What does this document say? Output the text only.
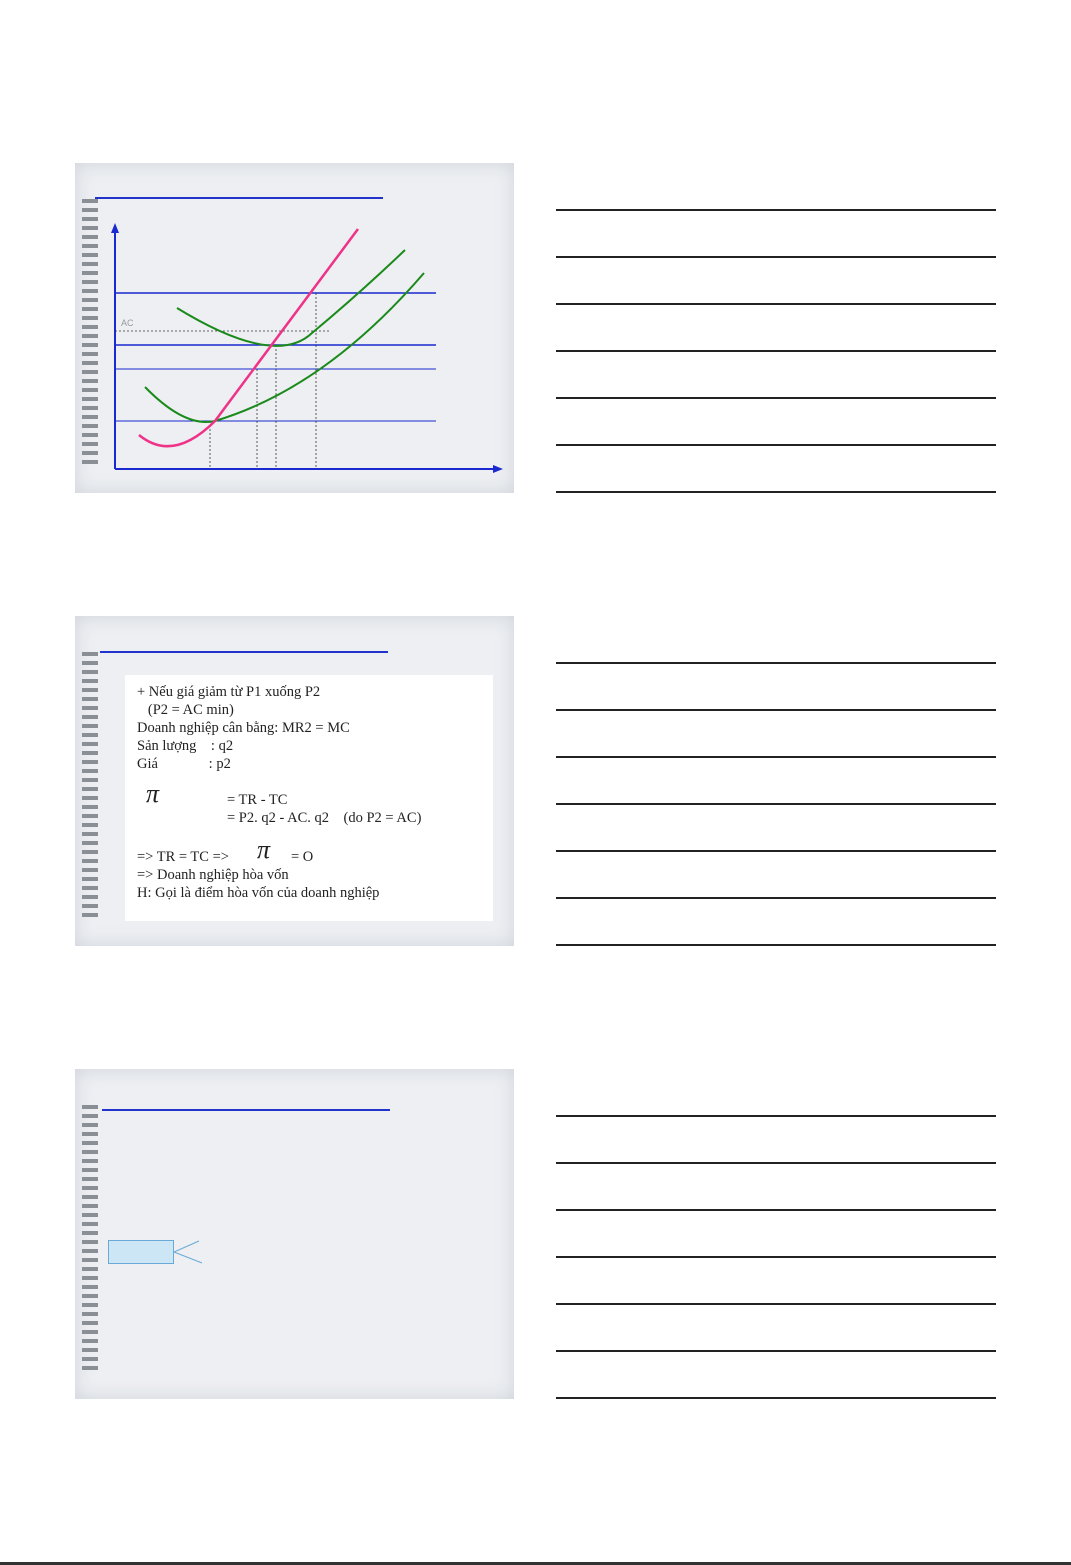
AC
+ Nếu giá giảm từ P1 xuống P2
(P2 = AC min)
Doanh nghiệp cân bằng: MR2 = MC
Sản lượng    : q2
Giá              : p2
π	= TR - TC
= P2. q2 - AC. q2    (do P2 = AC)
=> TR = TC => π = O
=> Doanh nghiệp hòa vốn
H: Gọi là điểm hòa vốn của doanh nghiệp
